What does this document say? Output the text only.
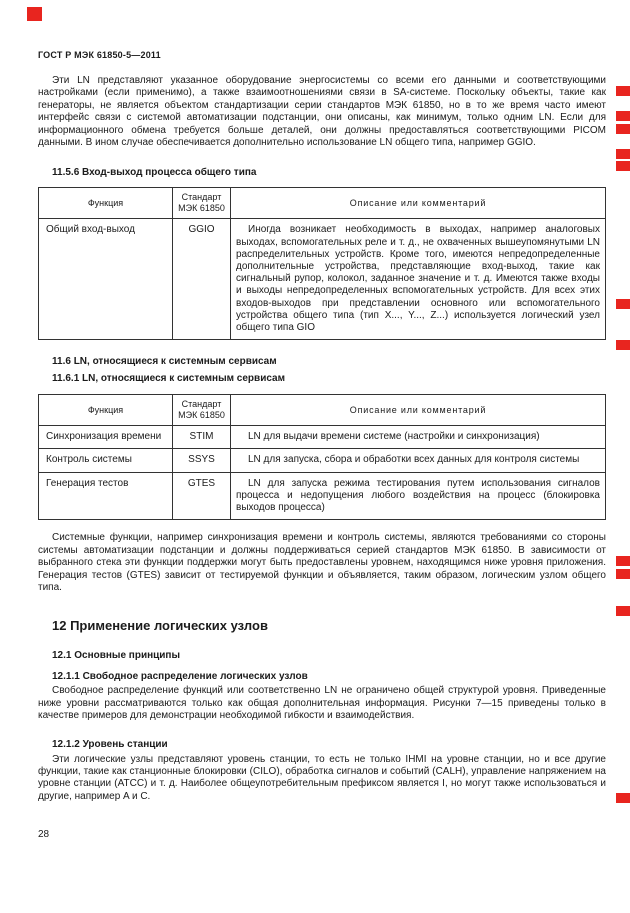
ГОСТ Р МЭК 61850-5—2011

Эти LN представляют указанное оборудование энергосистемы со всеми его данными и соответствующими настройками (если применимо), а также взаимоотношениями связи в SA-системе. Поскольку объекты, такие как генераторы, не является объектом стандартизации серии стандартов МЭК 61850, но в то же время часто имеют интерфейс связи с системой автоматизации подстанции, они описаны, как минимум, только одним LN. Если для информационного обмена требуется больше деталей, они должны предоставляться соответствующими PICOM данными. В ином случае обеспечивается дополнительно использование LN общего типа, например GGIO.

11.5.6 Вход-выход процесса общего типа
Функция	Стандарт МЭК 61850	Описание или комментарий
Общий вход-выход	GGIO	Иногда возникает необходимость в выходах, например аналоговых выходах, вспомогательных реле и т. д., не охваченных вышеупомянутыми LN распределительных устройств. Кроме того, имеются непредопределенные дополнительные устройства, представляющие вход-выход, такие как сигнальный рупор, колокол, заданное значение и т. д. Имеются также входы и выходы непредопределенных вспомогательных устройств. Для всех этих входов-выходов при представлении основного или вспомогательного устройства общего типа (тип X..., Y..., Z...) используется логический узел общего типа GIO
11.6 LN, относящиеся к системным сервисам
11.6.1 LN, относящиеся к системным сервисам
Функция	Стандарт МЭК 61850	Описание или комментарий
Синхронизация времени	STIM	LN для выдачи времени системе (настройки и синхронизация)
Контроль системы	SSYS	LN для запуска, сбора и обработки всех данных для контроля системы
Генерация тестов	GTES	LN для запуска режима тестирования путем использования сигналов процесса и недопущения любого воздействия на процесс (блокировка выходов процесса)

Системные функции, например синхронизация времени и контроль системы, являются требованиями со стороны системы автоматизации подстанции и должны поддерживаться серией стандартов МЭК 61850. В зависимости от выбранного стека эти функции поддержки могут быть предоставлены уровнем, находящимся ниже уровня приложения. Генерация тестов (GTES) зависит от тестируемой функции и объявляется, таким образом, логическим узлом общего типа.

12 Применение логических узлов
12.1 Основные принципы
12.1.1 Свободное распределение логических узлов

Свободное распределение функций или соответственно LN не ограничено общей структурой уровня. Приведенные ниже уровни рассматриваются только как общая дополнительная информация. Рисунки 7—15 приведены только в качестве примеров для демонстрации необходимой гибкости и взаимодействия.

12.1.2 Уровень станции

Эти логические узлы представляют уровень станции, то есть не только IHMI на уровне станции, но и все другие функции, такие как станционные блокировки (CILO), обработка сигналов и событий (CALH), управление напряжением на уровне станции (ATCC) и т. д. Наиболее общеупотребительным префиксом является I, но могут также использоваться и другие, например A и C.

28
